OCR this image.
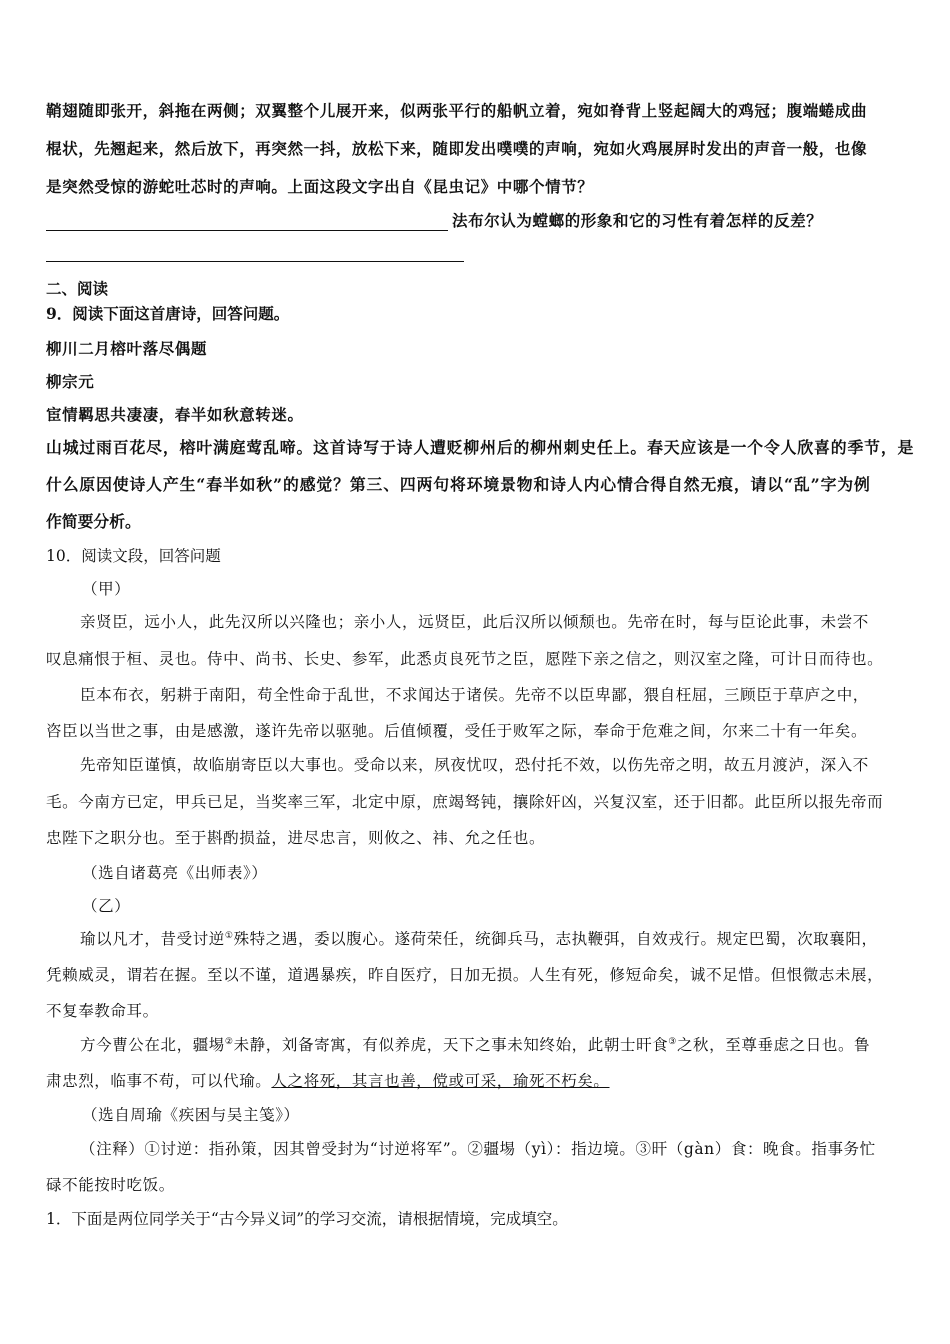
鞘翅随即张开，斜拖在两侧；双翼整个儿展开来，似两张平行的船帆立着，宛如脊背上竖起阔大的鸡冠；腹端蜷成曲
棍状，先翘起来，然后放下，再突然一抖，放松下来，随即发出噗噗的声响，宛如火鸡展屏时发出的声音一般，也像
是突然受惊的游蛇吐芯时的声响。上面这段文字出自《昆虫记》中哪个情节？
法布尔认为螳螂的形象和它的习性有着怎样的反差？
二、阅读
9．阅读下面这首唐诗，回答问题。
柳川二月榕叶落尽偶题
柳宗元
宦情羁思共凄凄，春半如秋意转迷。
山城过雨百花尽，榕叶满庭莺乱啼。这首诗写于诗人遭贬柳州后的柳州刺史任上。春天应该是一个令人欣喜的季节，是
什么原因使诗人产生“春半如秋”的感觉？第三、四两句将环境景物和诗人内心情合得自然无痕，请以“乱”字为例
作简要分析。
10．阅读文段，回答问题
（甲）
亲贤臣，远小人，此先汉所以兴隆也；亲小人，远贤臣，此后汉所以倾颓也。先帝在时，每与臣论此事，未尝不
叹息痛恨于桓、灵也。侍中、尚书、长史、参军，此悉贞良死节之臣，愿陛下亲之信之，则汉室之隆，可计日而待也。
臣本布衣，躬耕于南阳，苟全性命于乱世，不求闻达于诸侯。先帝不以臣卑鄙，猥自枉屈，三顾臣于草庐之中，
咨臣以当世之事，由是感激，遂许先帝以驱驰。后值倾覆，受任于败军之际，奉命于危难之间，尔来二十有一年矣。
先帝知臣谨慎，故临崩寄臣以大事也。受命以来，夙夜忧叹，恐付托不效，以伤先帝之明，故五月渡泸，深入不
毛。今南方已定，甲兵已足，当奖率三军，北定中原，庶竭驽钝，攘除奸凶，兴复汉室，还于旧都。此臣所以报先帝而
忠陛下之职分也。至于斟酌损益，进尽忠言，则攸之、祎、允之任也。
（选自诸葛亮《出师表》）
（乙）
瑜以凡才，昔受讨逆①殊特之遇，委以腹心。遂荷荣任，统御兵马，志执鞭弭，自效戎行。规定巴蜀，次取襄阳，
凭赖威灵，谓若在握。至以不谨，道遇暴疾，昨自医疗，日加无损。人生有死，修短命矣，诚不足惜。但恨微志未展，
不复奉教命耳。
方今曹公在北，疆埸②未静，刘备寄寓，有似养虎，天下之事未知终始，此朝士旰食③之秋，至尊垂虑之日也。鲁
肃忠烈，临事不苟，可以代瑜。人之将死，其言也善，傥或可采，瑜死不朽矣。
（选自周瑜《疾困与吴主笺》）
（注释）①讨逆：指孙策，因其曾受封为“讨逆将军”。②疆埸（yì）：指边境。③旰（gàn）食：晚食。指事务忙
碌不能按时吃饭。
1．下面是两位同学关于“古今异义词”的学习交流，请根据情境，完成填空。
